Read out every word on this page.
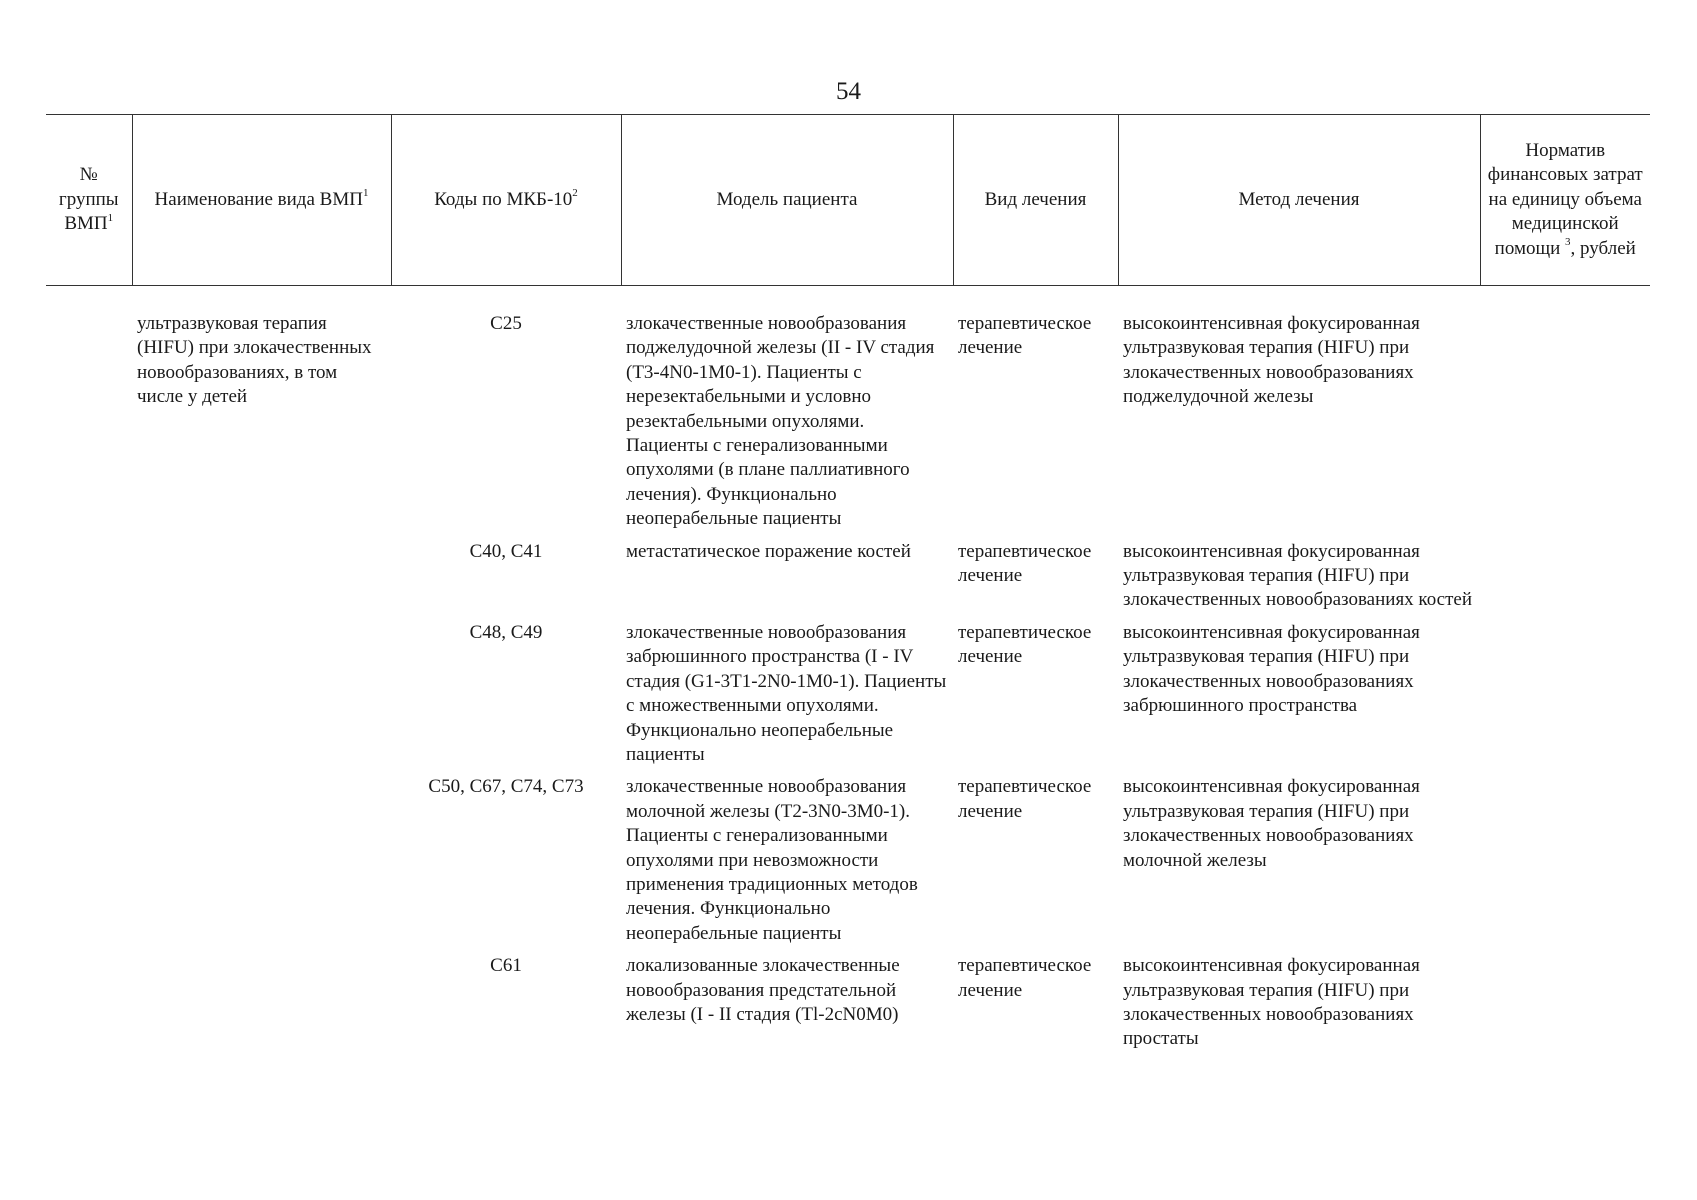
54
№ группы ВМП$^1$	Наименование вида ВМП$^1$	Коды по МКБ-$10^2$	Модель пациента	Вид лечения	Метод лечения	Норматив финансовых затрат на единицу объема медицинской помощи $^3$, рублей
	ультразвуковая терапия (HIFU) при злокачественных новообразованиях, в том числе у детей	C25	злокачественные новообразования поджелудочной железы (II - IV стадия (T3-4N0-1M0-1). Пациенты с нерезектабельными и условно резектабельными опухолями. Пациенты с генерализованными опухолями (в плане паллиативного лечения). Функционально неоперабельные пациенты	терапевтическое лечение	высокоинтенсивная фокусированная ультразвуковая терапия (HIFU) при злокачественных новообразованиях поджелудочной железы	
		C40, C41	метастатическое поражение костей	терапевтическое лечение	высокоинтенсивная фокусированная ультразвуковая терапия (HIFU) при злокачественных новообразованиях костей	
		C48, C49	злокачественные новообразования забрюшинного пространства (I - IV стадия (G1-3T1-2N0-1M0-1). Пациенты с множественными опухолями. Функционально неоперабельные пациенты	терапевтическое лечение	высокоинтенсивная фокусированная ультразвуковая терапия (HIFU) при злокачественных новообразованиях забрюшинного пространства	
		C50, C67, C74, C73	злокачественные новообразования молочной железы (T2-3N0-3M0-1). Пациенты с генерализованными опухолями при невозможности применения традиционных методов лечения. Функционально неоперабельные пациенты	терапевтическое лечение	высокоинтенсивная фокусированная ультразвуковая терапия (HIFU) при злокачественных новообразованиях молочной железы	
		C61	локализованные злокачественные новообразования предстательной железы (I - II стадия (Tl-2cN0M0)	терапевтическое лечение	высокоинтенсивная фокусированная ультразвуковая терапия (HIFU) при злокачественных новообразованиях простаты	
